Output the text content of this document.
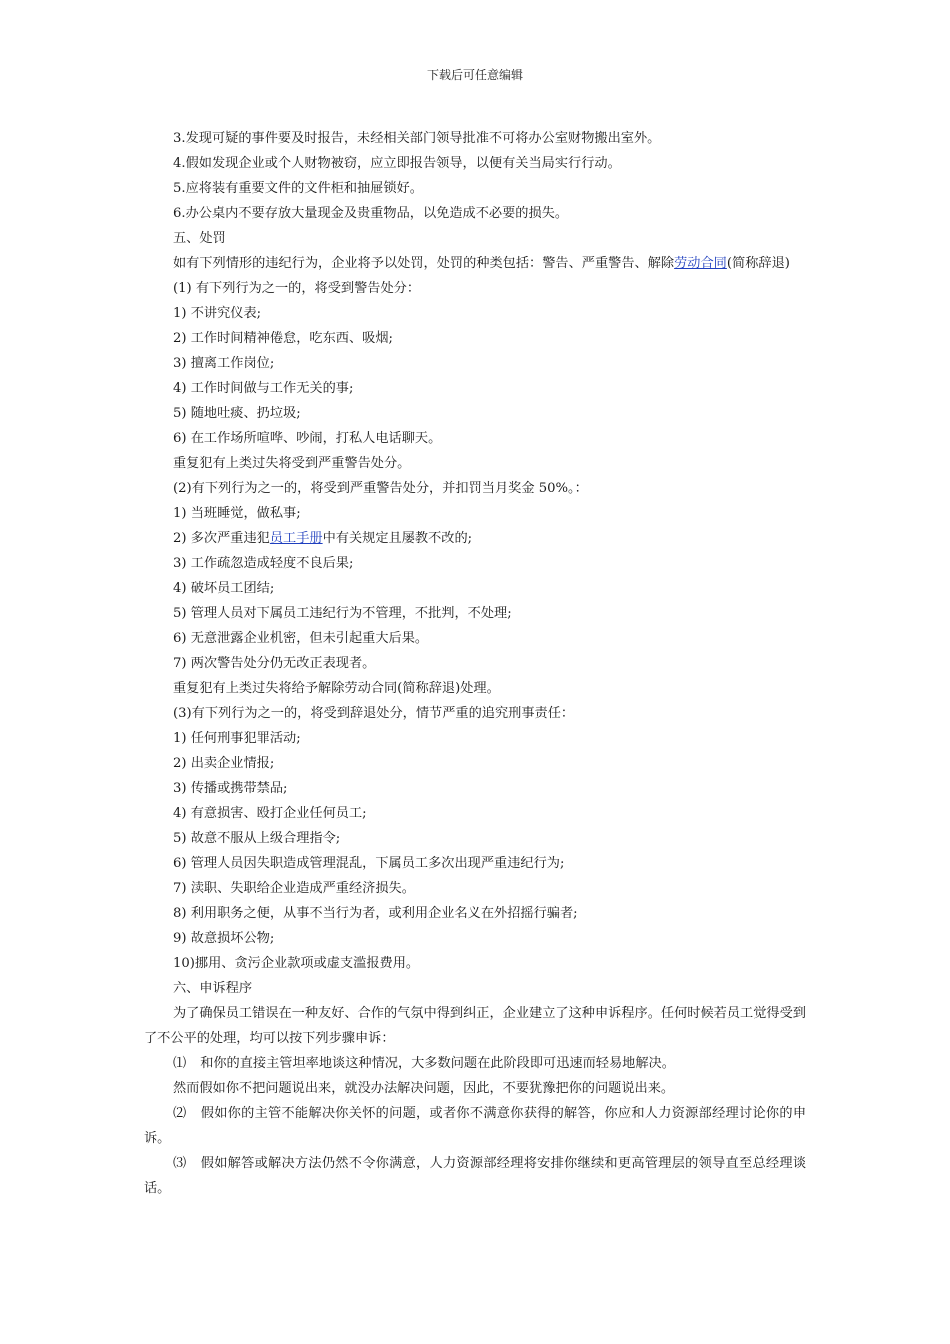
下载后可任意编辑

3.发现可疑的事件要及时报告，未经相关部门领导批准不可将办公室财物搬出室外。

4.假如发现企业或个人财物被窃，应立即报告领导，以便有关当局实行行动。

5.应将装有重要文件的文件柜和抽屉锁好。

6.办公桌内不要存放大量现金及贵重物品，以免造成不必要的损失。

五、处罚

如有下列情形的违纪行为，企业将予以处罚，处罚的种类包括：警告、严重警告、解除劳动合同(简称辞退)

(1) 有下列行为之一的，将受到警告处分：

1) 不讲究仪表;

2) 工作时间精神倦怠，吃东西、吸烟;

3) 擅离工作岗位;

4) 工作时间做与工作无关的事;

5) 随地吐痰、扔垃圾;

6) 在工作场所喧哗、吵闹，打私人电话聊天。

重复犯有上类过失将受到严重警告处分。

(2)有下列行为之一的，将受到严重警告处分，并扣罚当月奖金 50%。：

1) 当班睡觉，做私事;

2) 多次严重违犯员工手册中有关规定且屡教不改的;

3) 工作疏忽造成轻度不良后果;

4) 破坏员工团结;

5) 管理人员对下属员工违纪行为不管理，不批判，不处理;

6) 无意泄露企业机密，但未引起重大后果。

7) 两次警告处分仍无改正表现者。

重复犯有上类过失将给予解除劳动合同(简称辞退)处理。

(3)有下列行为之一的，将受到辞退处分，情节严重的追究刑事责任：

1) 任何刑事犯罪活动;

2) 出卖企业情报;

3) 传播或携带禁品;

4) 有意损害、殴打企业任何员工;

5) 故意不服从上级合理指令;

6) 管理人员因失职造成管理混乱，下属员工多次出现严重违纪行为;

7) 渎职、失职给企业造成严重经济损失。

8) 利用职务之便，从事不当行为者，或利用企业名义在外招摇行骗者;

9) 故意损坏公物;

10)挪用、贪污企业款项或虚支滥报费用。

六、申诉程序

为了确保员工错误在一种友好、合作的气氛中得到纠正，企业建立了这种申诉程序。任何时候若员工觉得受到了不公平的处理，均可以按下列步骤申诉：

⑴ 和你的直接主管坦率地谈这种情况，大多数问题在此阶段即可迅速而轻易地解决。

然而假如你不把问题说出来，就没办法解决问题，因此，不要犹豫把你的问题说出来。

⑵ 假如你的主管不能解决你关怀的问题，或者你不满意你获得的解答，你应和人力资源部经理讨论你的申诉。

⑶ 假如解答或解决方法仍然不令你满意，人力资源部经理将安排你继续和更高管理层的领导直至总经理谈话。
